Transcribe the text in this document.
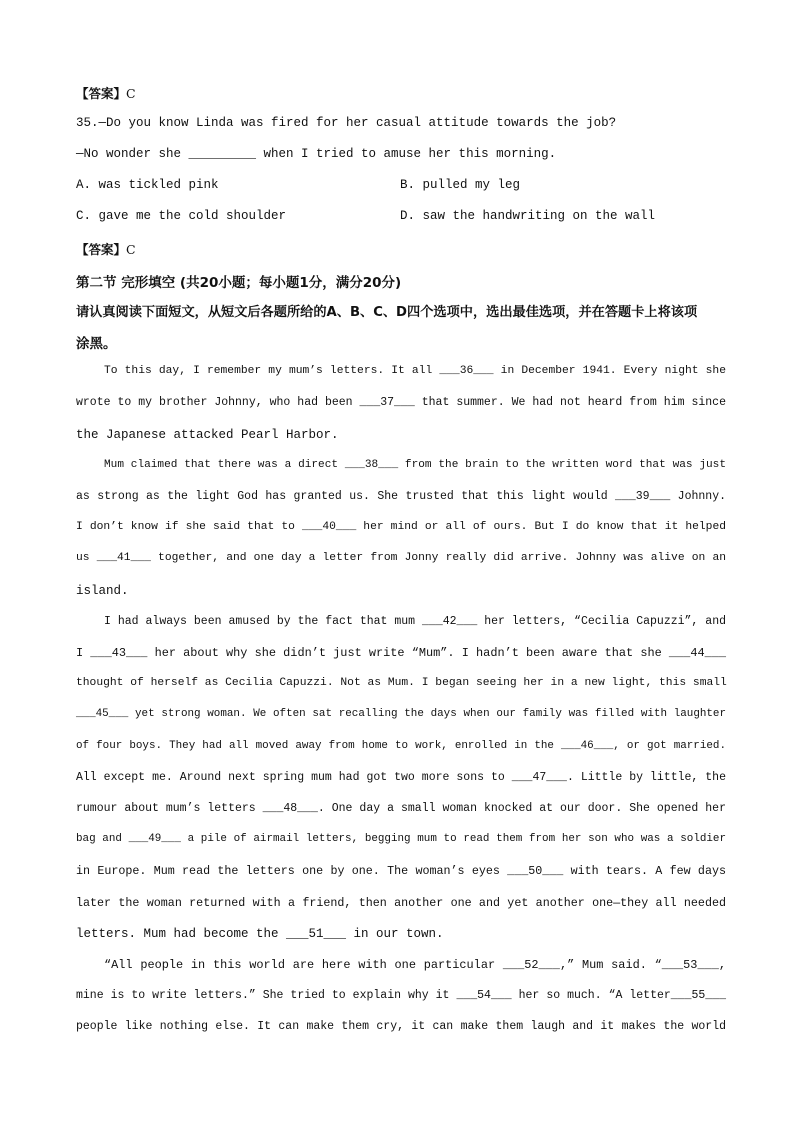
【答案】C
35.—Do you know Linda was fired for her casual attitude towards the job?
—No wonder she _________ when I tried to amuse her this morning.
A. was tickled pink	B. pulled my leg
C. gave me the cold shoulder	D. saw the handwriting on the wall
【答案】C
第二节 完形填空 (共20小题；每小题1分，满分20分)
请认真阅读下面短文，从短文后各题所给的A、B、C、D四个选项中，选出最佳选项，并在答题卡上将该项
涂黑。
To this day, I remember my mum’s letters. It all ___36___ in December 1941. Every night she
wrote to my brother Johnny, who had been ___37___ that summer. We had not heard from him since
the Japanese attacked Pearl Harbor.
Mum claimed that there was a direct ___38___ from the brain to the written word that was just
as strong as the light God has granted us. She trusted that this light would ___39___ Johnny.
I don’t know if she said that to ___40___ her mind or all of ours. But I do know that it helped
us ___41___ together, and one day a letter from Jonny really did arrive. Johnny was alive on an
island.
I had always been amused by the fact that mum ___42___ her letters, “Cecilia Capuzzi”, and
I ___43___ her about why she didn’t just write “Mum”. I hadn’t been aware that she ___44___
thought of herself as Cecilia Capuzzi. Not as Mum. I began seeing her in a new light, this small
___45___ yet strong woman. We often sat recalling the days when our family was filled with laughter
of four boys. They had all moved away from home to work, enrolled in the ___46___, or got married.
All except me. Around next spring mum had got two more sons to ___47___. Little by little, the
rumour about mum’s letters ___48___. One day a small woman knocked at our door. She opened her
bag and ___49___ a pile of airmail letters, begging mum to read them from her son who was a soldier
in Europe. Mum read the letters one by one. The woman’s eyes ___50___ with tears. A few days
later the woman returned with a friend, then another one and yet another one—they all needed
letters. Mum had become the ___51___ in our town.
“All people in this world are here with one particular ___52___,” Mum said. “___53___,
mine is to write letters.” She tried to explain why it ___54___ her so much. “A letter___55___
people like nothing else. It can make them cry, it can make them laugh and it makes the world
